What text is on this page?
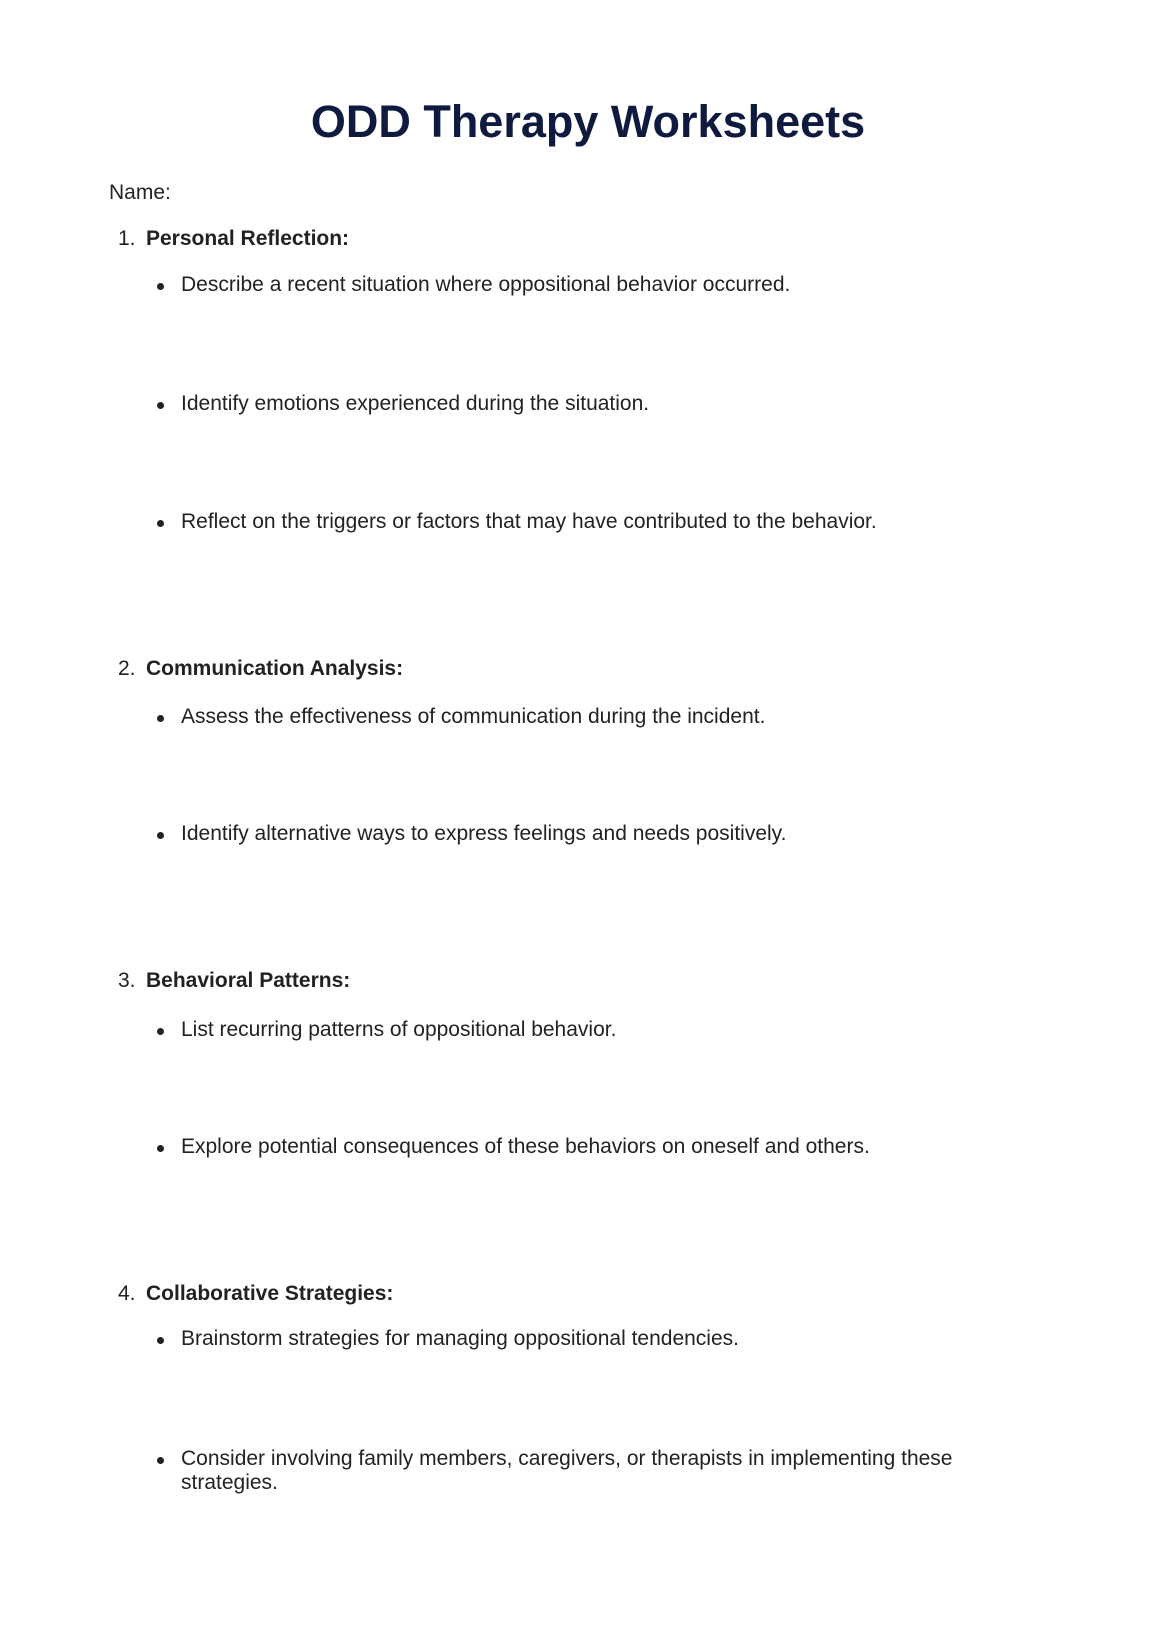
ODD Therapy Worksheets
Name:
1. Personal Reflection:
Describe a recent situation where oppositional behavior occurred.
Identify emotions experienced during the situation.
Reflect on the triggers or factors that may have contributed to the behavior.
2. Communication Analysis:
Assess the effectiveness of communication during the incident.
Identify alternative ways to express feelings and needs positively.
3. Behavioral Patterns:
List recurring patterns of oppositional behavior.
Explore potential consequences of these behaviors on oneself and others.
4. Collaborative Strategies:
Brainstorm strategies for managing oppositional tendencies.
Consider involving family members, caregivers, or therapists in implementing these strategies.
